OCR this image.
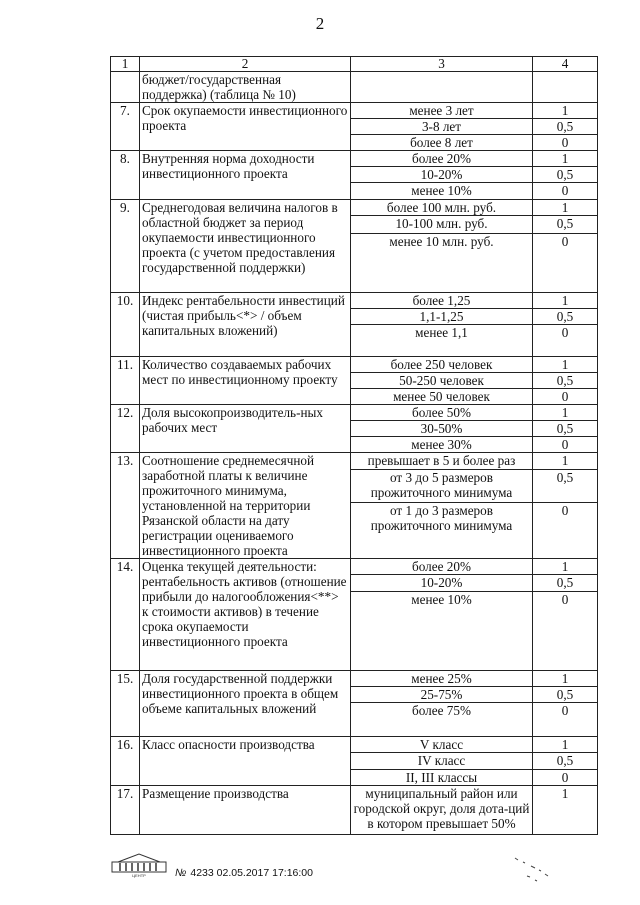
2
1	2	3	4
	бюджет/государственная поддержка) (таблица № 10)		
7.	Срок окупаемости инвестиционного проекта	менее 3 лет	1
		3-8 лет	0,5
		более 8 лет	0
8.	Внутренняя норма доходности инвестиционного проекта	более 20%	1
		10-20%	0,5
		менее 10%	0
9.	Среднегодовая величина налогов в областной бюджет за период окупаемости инвестиционного проекта (с учетом предоставления государственной поддержки)	более 100 млн. руб.	1
		10-100 млн. руб.	0,5
		менее 10 млн. руб.	0
10.	Индекс рентабельности инвестиций (чистая прибыль<*> / объем капитальных вложений)	более 1,25	1
		1,1-1,25	0,5
		менее 1,1	0
11.	Количество создаваемых рабочих мест по инвестиционному проекту	более 250 человек	1
		50-250 человек	0,5
		менее 50 человек	0
12.	Доля высокопроизводитель-ных рабочих мест	более 50%	1
		30-50%	0,5
		менее 30%	0
13.	Соотношение среднемесячной заработной платы к величине прожиточного минимума, установленной на территории Рязанской области на дату регистрации оцениваемого инвестиционного проекта	превышает в 5 и более раз	1
		от 3 до 5 размеров прожиточного минимума	0,5
		от 1 до 3 размеров прожиточного минимума	0
14.	Оценка текущей деятельности: рентабельность активов (отношение прибыли до налогообложения<**> к стоимости активов) в течение срока окупаемости инвестиционного проекта	более 20%	1
		10-20%	0,5
		менее 10%	0
15.	Доля государственной поддержки инвестиционного проекта в общем объеме капитальных вложений	менее 25%	1
		25-75%	0,5
		более 75%	0
16.	Класс опасности производства	V класс	1
		IV класс	0,5
		II, III классы	0
17.	Размещение производства	муниципальный район или городской округ, доля дота-ций в котором превышает 50%	1
ЦЕНТР	№ 4233 02.05.2017 17:16:00
